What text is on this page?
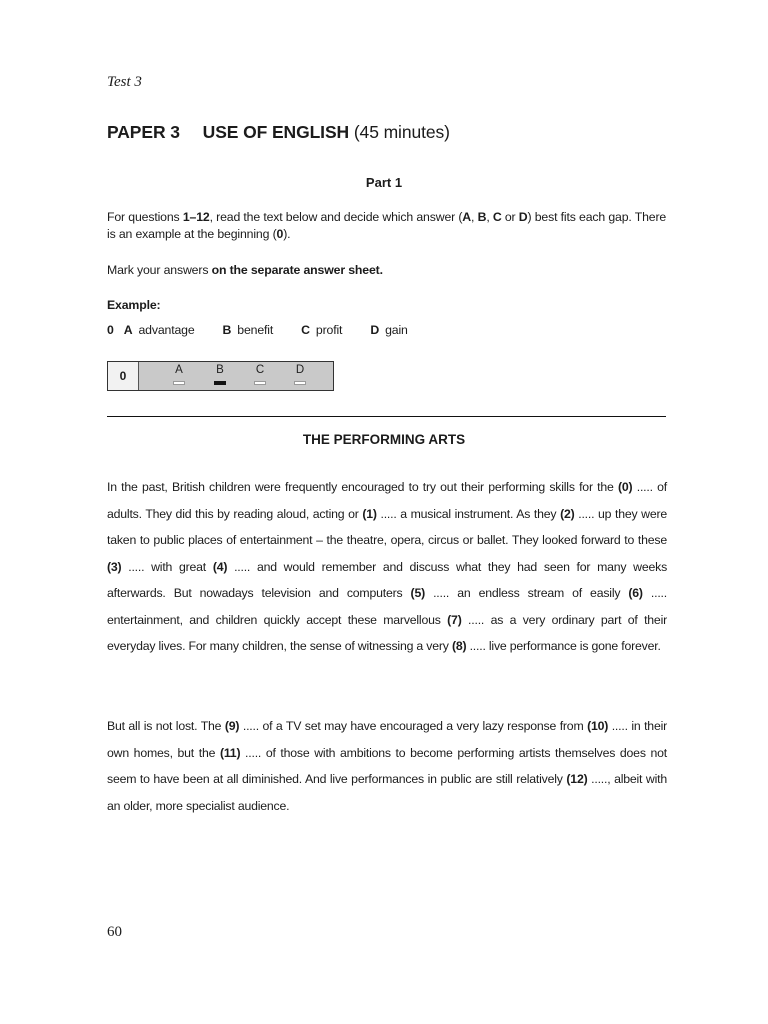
Test 3
PAPER 3 USE OF ENGLISH (45 minutes)
Part 1
For questions 1–12, read the text below and decide which answer (A, B, C or D) best fits each gap. There is an example at the beginning (0).
Mark your answers on the separate answer sheet.
Example:
0 A advantage B benefit C profit D gain
0	A	B	C	D
THE PERFORMING ARTS
In the past, British children were frequently encouraged to try out their performing skills for the (0) ..... of adults. They did this by reading aloud, acting or (1) ..... a musical instrument. As they (2) ..... up they were taken to public places of entertainment – the theatre, opera, circus or ballet. They looked forward to these (3) ..... with great (4) ..... and would remember and discuss what they had seen for many weeks afterwards. But nowadays television and computers (5) ..... an endless stream of easily (6) ..... entertainment, and children quickly accept these marvellous (7) ..... as a very ordinary part of their everyday lives. For many children, the sense of witnessing a very (8) ..... live performance is gone forever.
But all is not lost. The (9) ..... of a TV set may have encouraged a very lazy response from (10) ..... in their own homes, but the (11) ..... of those with ambitions to become performing artists themselves does not seem to have been at all diminished. And live performances in public are still relatively (12) ....., albeit with an older, more specialist audience.
60
